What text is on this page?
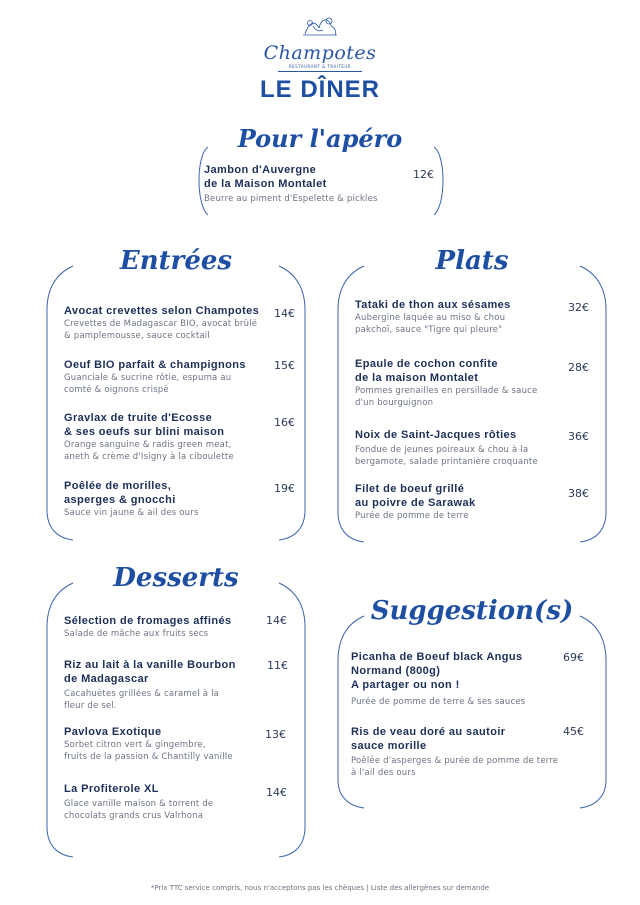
Champotes
RESTAURANT & TRAITEUR
LE DÎNER
Pour l'apéro
Jambon d'Auvergne
de la Maison Montalet
Beurre au piment d'Espelette & pickles
12€
Entrées
Avocat crevettes selon Champotes
Crevettes de Madagascar BIO, avocat brûlé
& pamplemousse, sauce cocktail
14€
Oeuf BIO parfait & champignons
Guanciale & sucrine rôtie, espuma au
comté & oignons crispé
15€
Gravlax de truite d'Ecosse
& ses oeufs sur blini maison
Orange sanguine & radis green meat,
aneth & crème d'Isigny à la ciboulette
16€
Poêlée de morilles,
asperges & gnocchi
Sauce vin jaune & ail des ours
19€
Plats
Tataki de thon aux sésames
Aubergine laquée au miso & chou
pakchoï, sauce "Tigre qui pleure"
32€
Epaule de cochon confite
de la maison Montalet
Pommes grenailles en persillade & sauce
d'un bourguignon
28€
Noix de Saint-Jacques rôties
Fondue de jeunes poireaux & chou à la
bergamote, salade printanière croquante
36€
Filet de boeuf grillé
au poivre de Sarawak
Purée de pomme de terre
38€
Desserts
Sélection de fromages affinés
Salade de mâche aux fruits secs
14€
Riz au lait à la vanille Bourbon
de Madagascar
Cacahuètes grillées & caramel à la
fleur de sel.
11€
Pavlova Exotique
Sorbet citron vert & gingembre,
fruits de la passion & Chantilly vanille
13€
La Profiterole XL
Glace vanille maison & torrent de
chocolats grands crus Valrhona
14€
Suggestion(s)
Picanha de Boeuf black Angus
Normand (800g)
A partager ou non !
Purée de pomme de terre & ses sauces
69€
Ris de veau doré au sautoir
sauce morille
Poêlée d'asperges & purée de pomme de terre
à l'ail des ours
45€
*Prix TTC service compris, nous n'acceptons pas les chèques | Liste des allergènes sur demande
